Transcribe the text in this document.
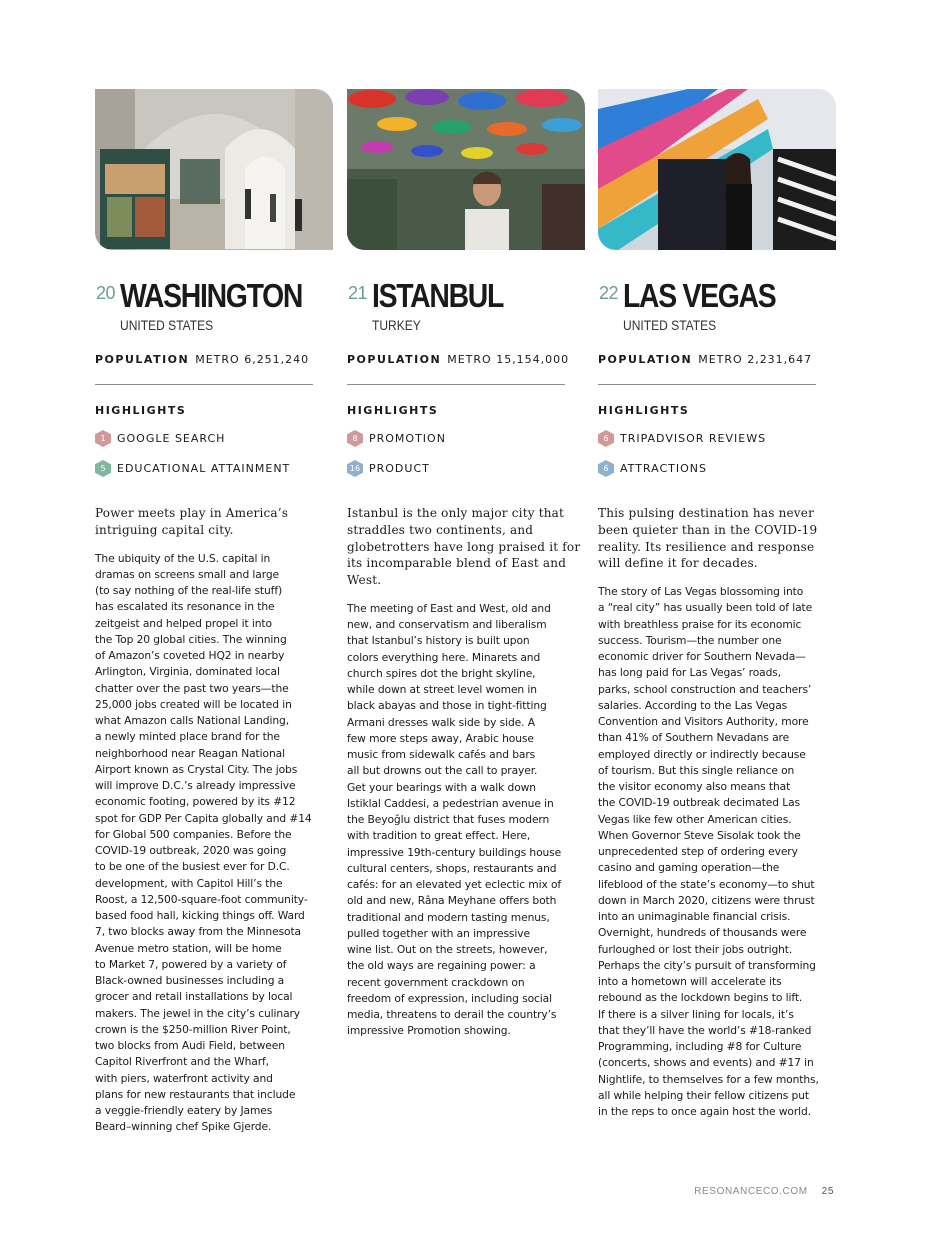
20 WASHINGTON
UNITED STATES
POPULATION METRO 6,251,240
HIGHLIGHTS
1	GOOGLE SEARCH
5	EDUCATIONAL ATTAINMENT
Power meets play in America’s intriguing capital city.
The ubiquity of the U.S. capital in
dramas on screens small and large
(to say nothing of the real-life stuff)
has escalated its resonance in the
zeitgeist and helped propel it into
the Top 20 global cities. The winning
of Amazon’s coveted HQ2 in nearby
Arlington, Virginia, dominated local
chatter over the past two years—the
25,000 jobs created will be located in
what Amazon calls National Landing,
a newly minted place brand for the
neighborhood near Reagan National
Airport known as Crystal City. The jobs
will improve D.C.’s already impressive
economic footing, powered by its #12
spot for GDP Per Capita globally and #14
for Global 500 companies. Before the
COVID-19 outbreak, 2020 was going
to be one of the busiest ever for D.C.
development, with Capitol Hill’s the
Roost, a 12,500-square-foot community-
based food hall, kicking things off. Ward
7, two blocks away from the Minnesota
Avenue metro station, will be home
to Market 7, powered by a variety of
Black-owned businesses including a
grocer and retail installations by local
makers. The jewel in the city’s culinary
crown is the $250-million River Point,
two blocks from Audi Field, between
Capitol Riverfront and the Wharf,
with piers, waterfront activity and
plans for new restaurants that include
a veggie-friendly eatery by James
Beard–winning chef Spike Gjerde.
21 ISTANBUL
TURKEY
POPULATION METRO 15,154,000
HIGHLIGHTS
8	PROMOTION
16 PRODUCT
Istanbul is the only major city that straddles two continents, and globetrotters have long praised it for its incomparable blend of East and West.
The meeting of East and West, old and
new, and conservatism and liberalism
that Istanbul’s history is built upon
colors everything here. Minarets and
church spires dot the bright skyline,
while down at street level women in
black abayas and those in tight-fitting
Armani dresses walk side by side. A
few more steps away, Arabic house
music from sidewalk cafés and bars
all but drowns out the call to prayer.
Get your bearings with a walk down
Istiklal Caddesi, a pedestrian avenue in
the Beyoğlu district that fuses modern
with tradition to great effect. Here,
impressive 19th-century buildings house
cultural centers, shops, restaurants and
cafés: for an elevated yet eclectic mix of
old and new, Râna Meyhane offers both
traditional and modern tasting menus,
pulled together with an impressive
wine list. Out on the streets, however,
the old ways are regaining power: a
recent government crackdown on
freedom of expression, including social
media, threatens to derail the country’s
impressive Promotion showing.
22 LAS VEGAS
UNITED STATES
POPULATION METRO 2,231,647
HIGHLIGHTS
6	TRIPADVISOR REVIEWS
6	ATTRACTIONS
This pulsing destination has never been quieter than in the COVID-19 reality. Its resilience and response will define it for decades.
The story of Las Vegas blossoming into
a “real city” has usually been told of late
with breathless praise for its economic
success. Tourism—the number one
economic driver for Southern Nevada—
has long paid for Las Vegas’ roads,
parks, school construction and teachers’
salaries. According to the Las Vegas
Convention and Visitors Authority, more
than 41% of Southern Nevadans are
employed directly or indirectly because
of tourism. But this single reliance on
the visitor economy also means that
the COVID-19 outbreak decimated Las
Vegas like few other American cities.
When Governor Steve Sisolak took the
unprecedented step of ordering every
casino and gaming operation—the
lifeblood of the state’s economy—to shut
down in March 2020, citizens were thrust
into an unimaginable financial crisis.
Overnight, hundreds of thousands were
furloughed or lost their jobs outright.
Perhaps the city’s pursuit of transforming
into a hometown will accelerate its
rebound as the lockdown begins to lift.
If there is a silver lining for locals, it’s
that they’ll have the world’s #18-ranked
Programming, including #8 for Culture
(concerts, shows and events) and #17 in
Nightlife, to themselves for a few months,
all while helping their fellow citizens put
in the reps to once again host the world.
RESONANCECO.COM 25
